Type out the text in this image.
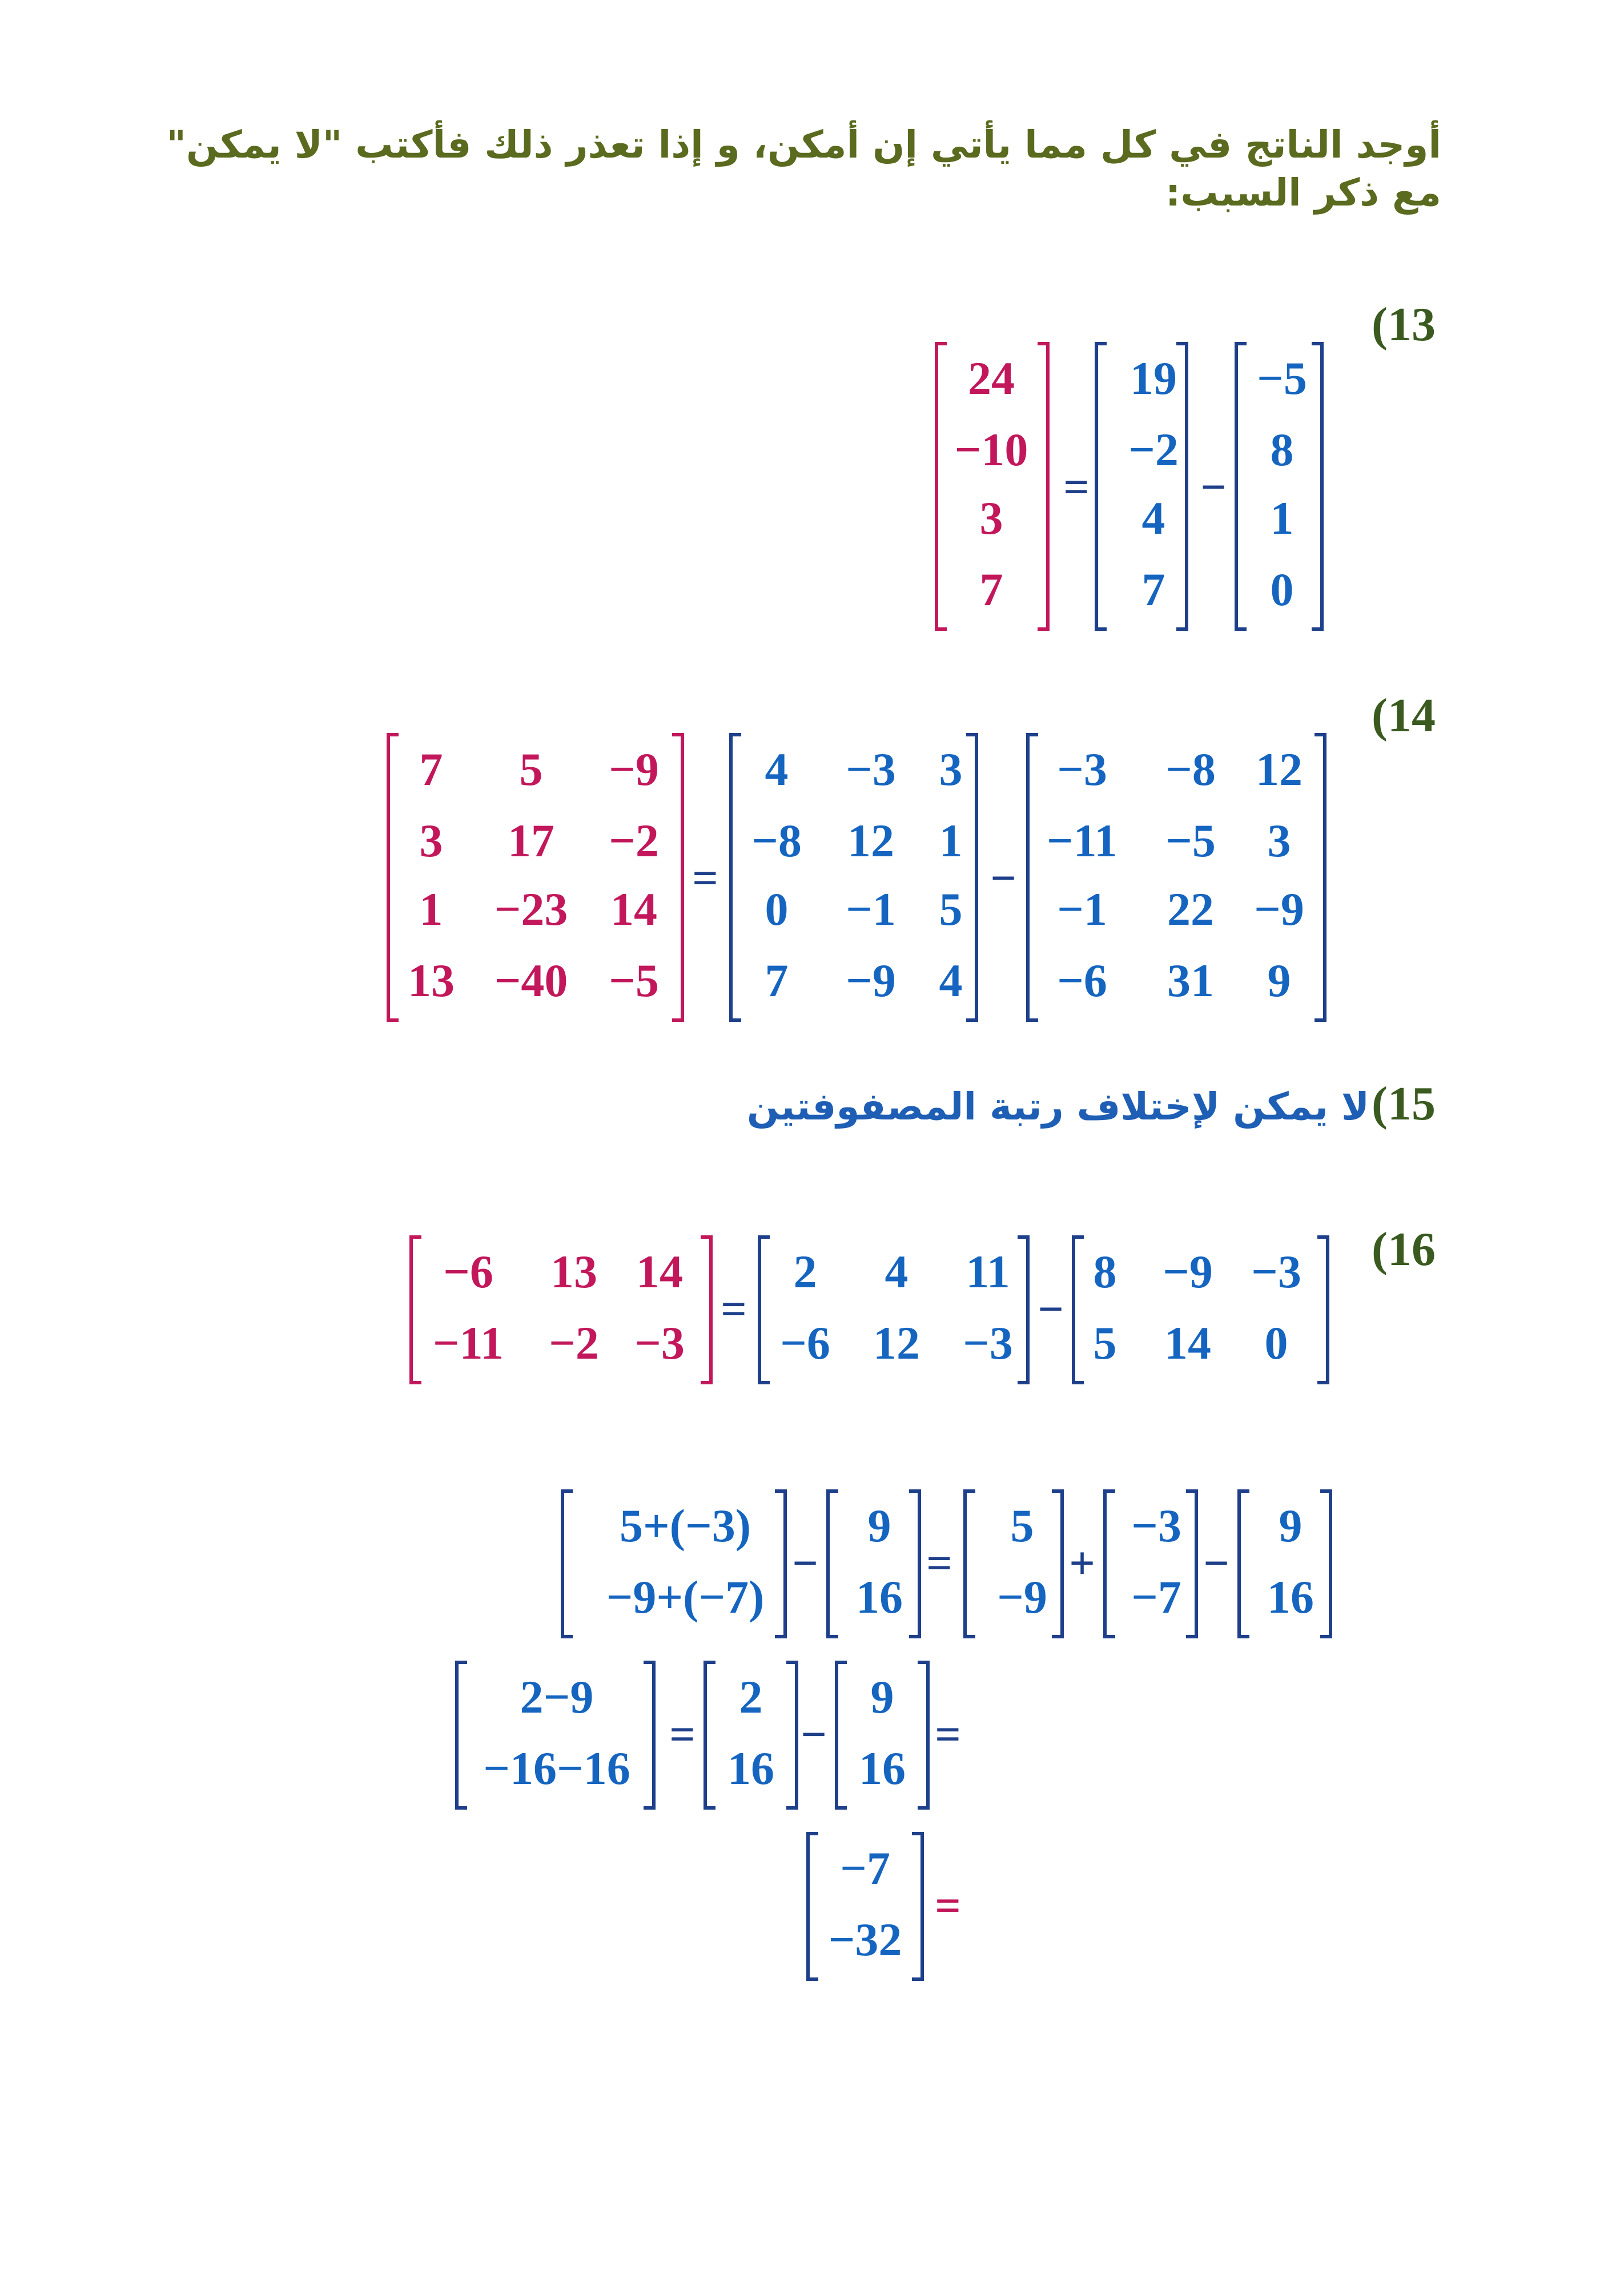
أوجد الناتج في كل مما يأتي إن أمكن، و إذا تعذر ذلك فأكتب "لا يمكن"
مع ذكر السبب:
(13
(14
(16
15) لا يمكن لإختلاف رتبة المصفوفتين
24
−10
3
7
=
19
−2
4
7
−
−5
8
1
0
7 5 −9
3 17 −2
1 −23 14
13 −40 −5
=
4 −3 3
−8 12 1
0 −1 5
7 −9 4
−
−3 −8 12
−11 −5 3
−1 22 −9
−6 31 9
−6 13 14
−11 −2 −3
=
2 4 11
−6 12 −3
−
8 −9 −3
5 14 0
5+(−3)
−9+(−7)
−
9
16
=
5
−9
+
−3
−7
−
9
16
2−9
−16−16
=
2
16
−
9
16
=
−7
−32
=
